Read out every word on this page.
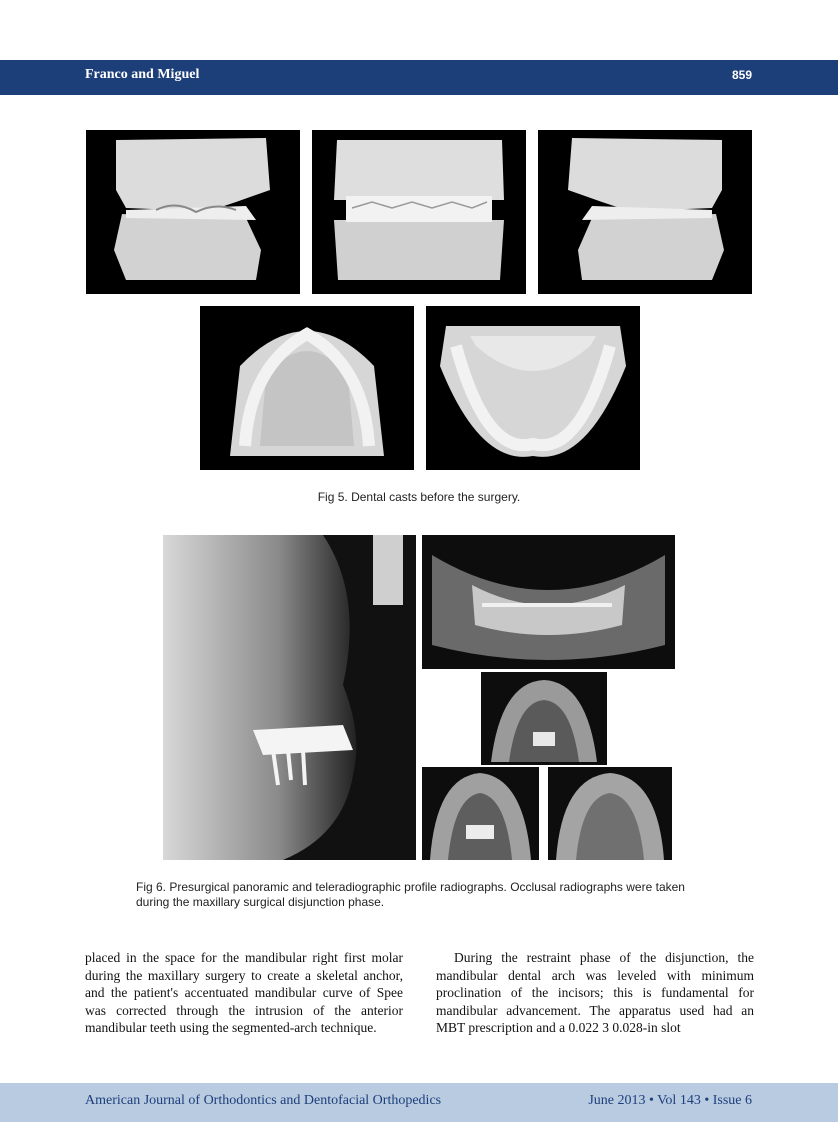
Franco and Miguel	859
Fig 5. Dental casts before the surgery.
Fig 6. Presurgical panoramic and teleradiographic profile radiographs. Occlusal radiographs were taken during the maxillary surgical disjunction phase.

placed in the space for the mandibular right first molar during the maxillary surgery to create a skeletal anchor, and the patient's accentuated mandibular curve of Spee was corrected through the intrusion of the anterior mandibular teeth using the segmented-arch technique.

During the restraint phase of the disjunction, the mandibular dental arch was leveled with minimum proclination of the incisors; this is fundamental for mandibular advancement. The apparatus used had an MBT prescription and a 0.022 3 0.028-in slot

American Journal of Orthodontics and Dentofacial Orthopedics	June 2013 • Vol 143 • Issue 6
